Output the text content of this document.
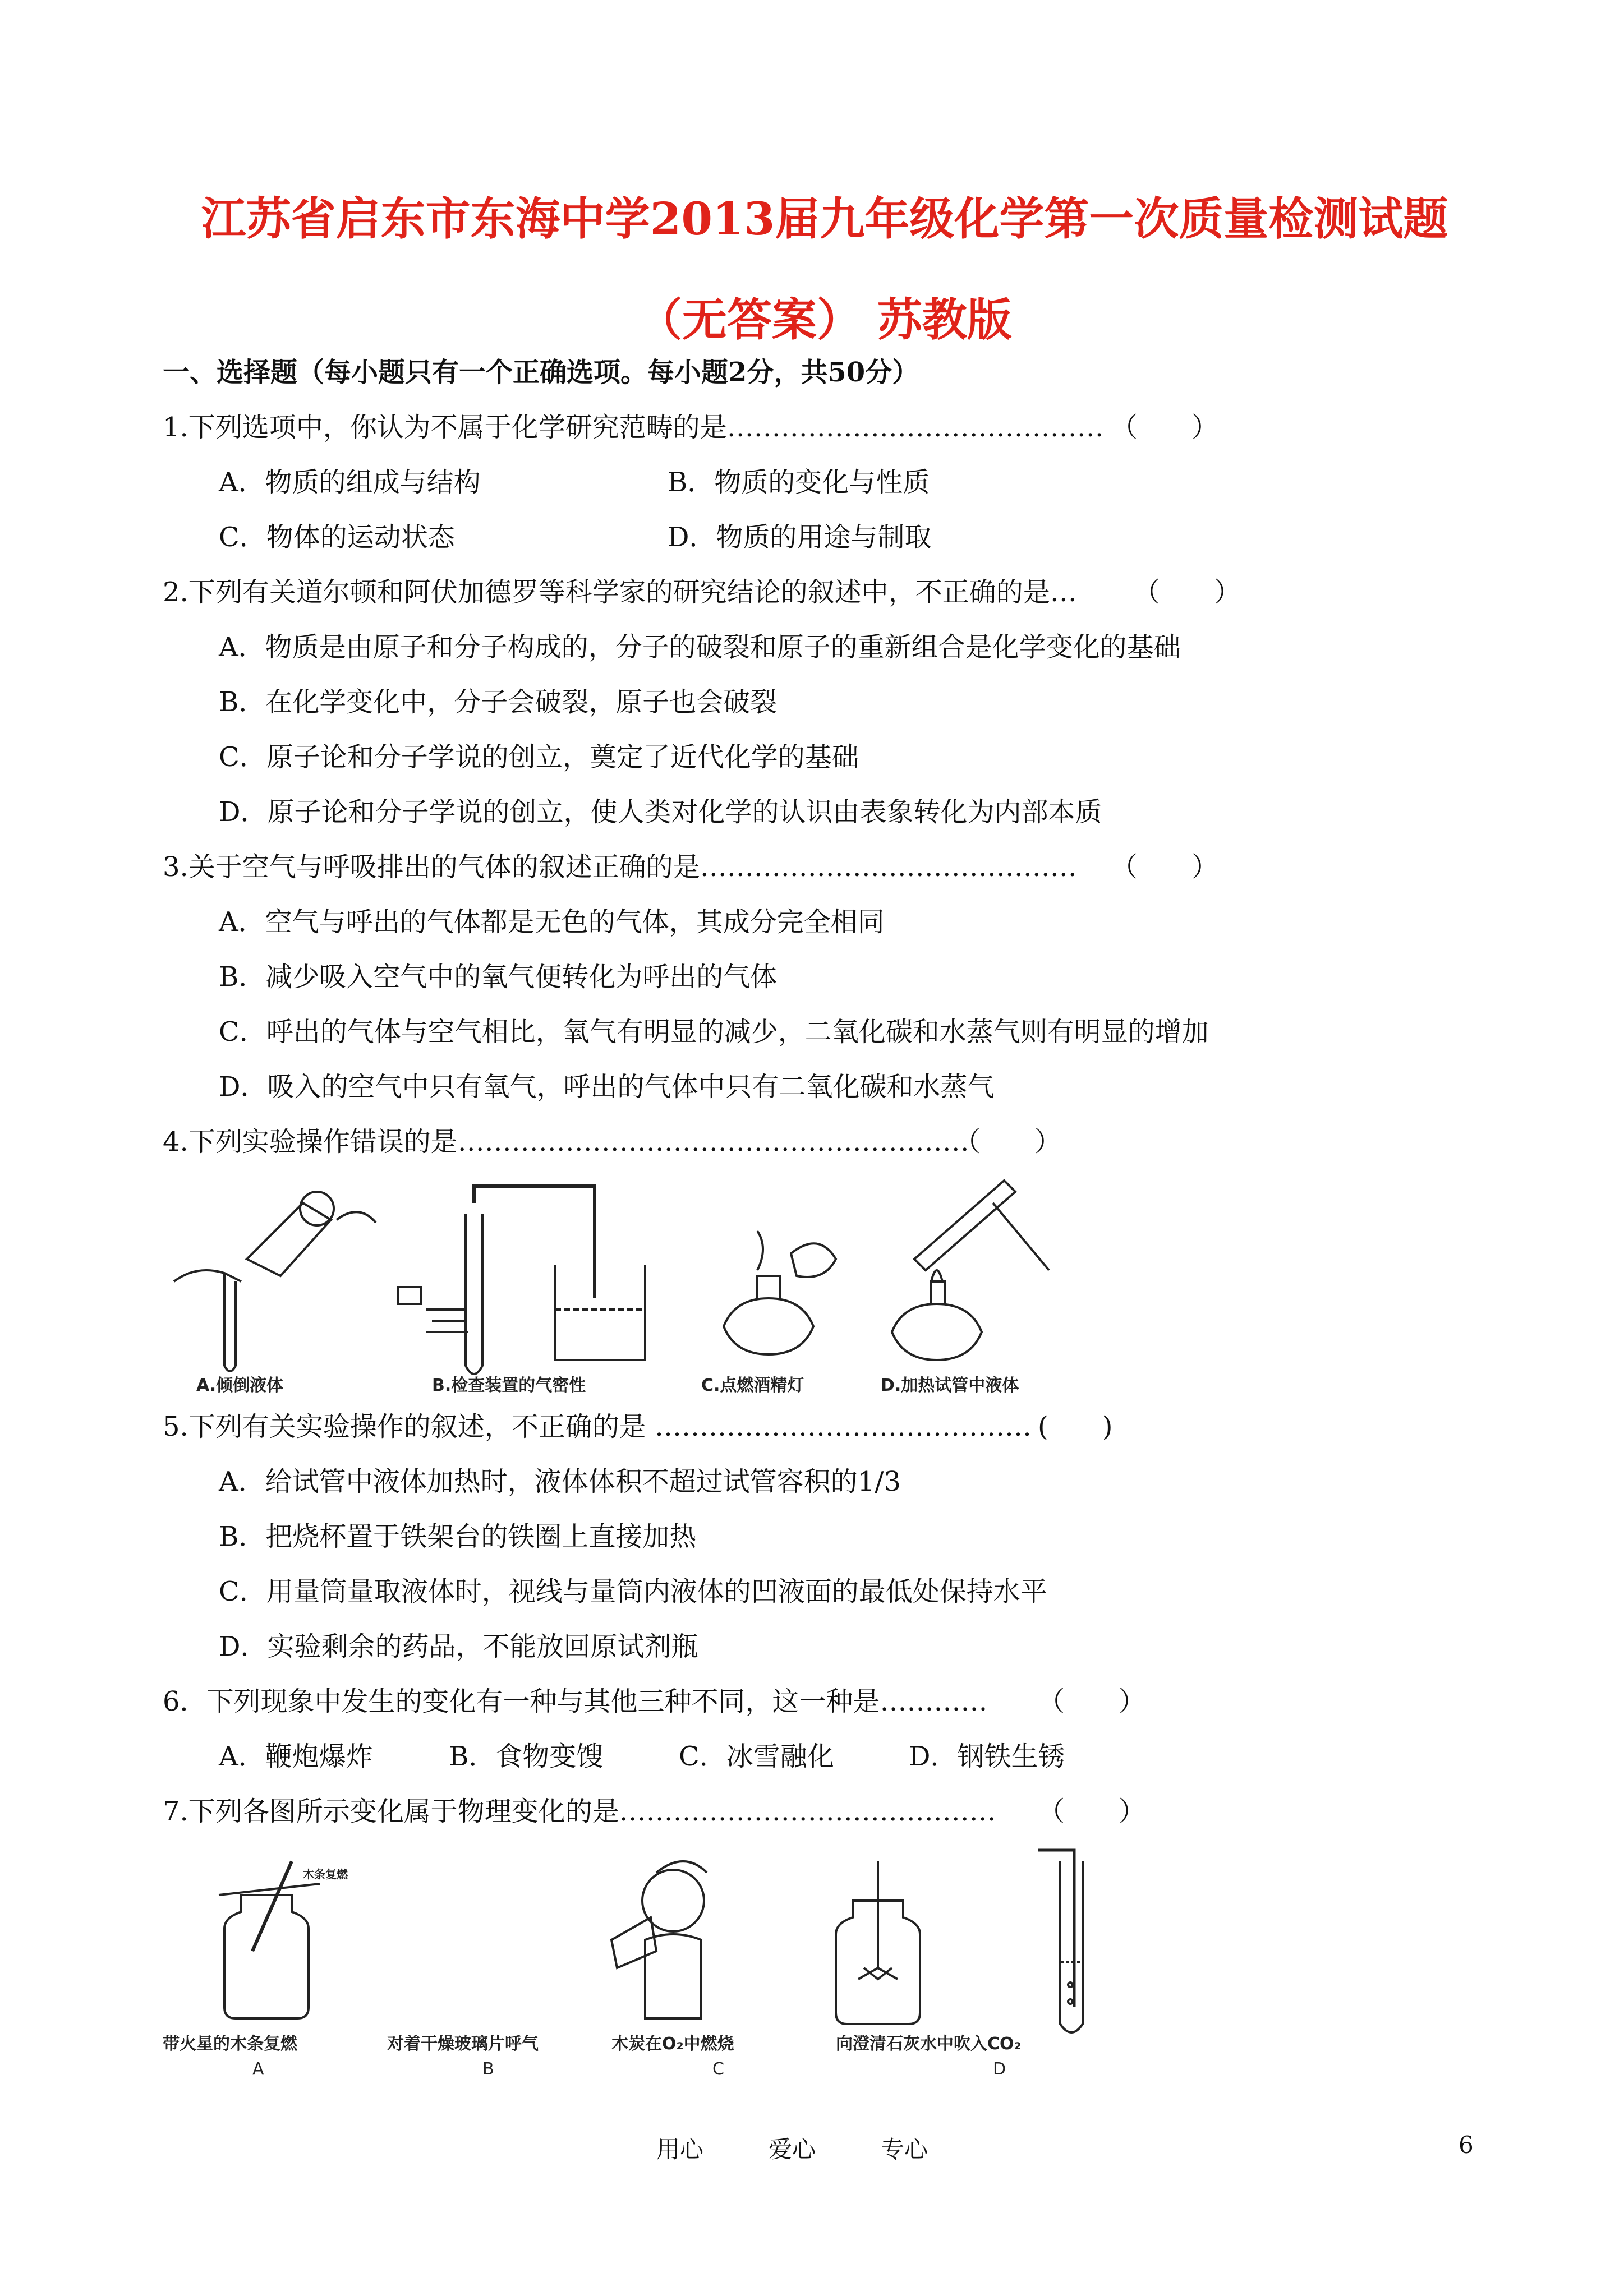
江苏省启东市东海中学2013届九年级化学第一次质量检测试题（无答案） 苏教版
一、选择题（每小题只有一个正确选项。每小题2分，共50分）
1.下列选项中，你认为不属于化学研究范畴的是…………………………………… （　　）
A．物质的组成与结构	B．物质的变化与性质
C．物体的运动状态	D．物质的用途与制取
2.下列有关道尔顿和阿伏加德罗等科学家的研究结论的叙述中，不正确的是… （　　）
A．物质是由原子和分子构成的，分子的破裂和原子的重新组合是化学变化的基础
B．在化学变化中，分子会破裂，原子也会破裂
C．原子论和分子学说的创立，奠定了近代化学的基础
D．原子论和分子学说的创立，使人类对化学的认识由表象转化为内部本质
3.关于空气与呼吸排出的气体的叙述正确的是…………………………………… （　　）
A．空气与呼出的气体都是无色的气体，其成分完全相同
B．减少吸入空气中的氧气便转化为呼出的气体
C．呼出的气体与空气相比，氧气有明显的减少，二氧化碳和水蒸气则有明显的增加
D．吸入的空气中只有氧气，呼出的气体中只有二氧化碳和水蒸气
4.下列实验操作错误的是…………………………………………………
（　　）
A.倾倒液体	B.检查装置的气密性	C.点燃酒精灯	D.加热试管中液体
5.下列有关实验操作的叙述，不正确的是 …………………………………… (　　)
A．给试管中液体加热时，液体体积不超过试管容积的1/3
B．把烧杯置于铁架台的铁圈上直接加热
C．用量筒量取液体时，视线与量筒内液体的凹液面的最低处保持水平
D．实验剩余的药品，不能放回原试剂瓶
6．下列现象中发生的变化有一种与其他三种不同，这一种是………… （　　）
A．鞭炮爆炸	B．食物变馊	C．冰雪融化	D．钢铁生锈
7.下列各图所示变化属于物理变化的是…………………………………… （　　）
木条复燃
带火星的木条复燃	对着干燥玻璃片呼气	木炭在O₂中燃烧	向澄清石灰水中吹入CO₂
A	B	C	D
用心	爱心	专心	6
